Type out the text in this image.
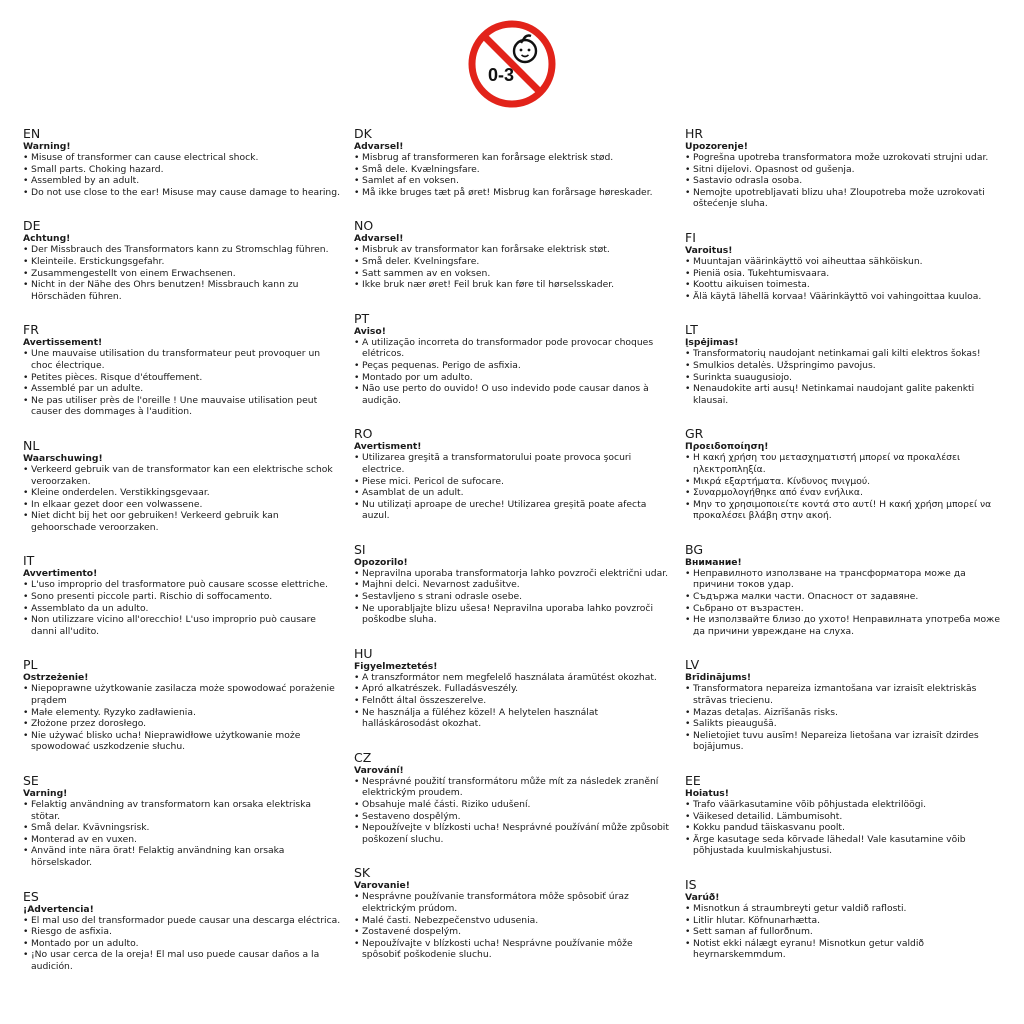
0-3
EN
Warning!
• Misuse of transformer can cause electrical shock.
• Small parts. Choking hazard.
• Assembled by an adult.
• Do not use close to the ear! Misuse may cause damage to hearing.
DE
Achtung!
• Der Missbrauch des Transformators kann zu Stromschlag führen.
• Kleinteile. Erstickungsgefahr.
• Zusammengestellt von einem Erwachsenen.
• Nicht in der Nähe des Ohrs benutzen! Missbrauch kann zu Hörschäden führen.
FR
Avertissement!
• Une mauvaise utilisation du transformateur peut provoquer un choc électrique.
• Petites pièces. Risque d'étouffement.
• Assemblé par un adulte.
• Ne pas utiliser près de l'oreille ! Une mauvaise utilisation peut causer des dommages à l'audition.
NL
Waarschuwing!
• Verkeerd gebruik van de transformator kan een elektrische schok veroorzaken.
• Kleine onderdelen. Verstikkingsgevaar.
• In elkaar gezet door een volwassene.
• Niet dicht bij het oor gebruiken! Verkeerd gebruik kan gehoorschade veroorzaken.
IT
Avvertimento!
• L'uso improprio del trasformatore può causare scosse elettriche.
• Sono presenti piccole parti. Rischio di soffocamento.
• Assemblato da un adulto.
• Non utilizzare vicino all'orecchio! L'uso improprio può causare danni all'udito.
PL
Ostrzeżenie!
• Niepoprawne użytkowanie zasilacza może spowodować porażenie prądem
• Małe elementy. Ryzyko zadławienia.
• Złożone przez dorosłego.
• Nie używać blisko ucha! Nieprawidłowe użytkowanie może spowodować uszkodzenie słuchu.
SE
Varning!
• Felaktig användning av transformatorn kan orsaka elektriska stötar.
• Små delar. Kvävningsrisk.
• Monterad av en vuxen.
• Använd inte nära örat! Felaktig användning kan orsaka hörselskador.
ES
¡Advertencia!
• El mal uso del transformador puede causar una descarga eléctrica.
• Riesgo de asfixia.
• Montado por un adulto.
• ¡No usar cerca de la oreja! El mal uso puede causar daños a la audición.
DK
Advarsel!
• Misbrug af transformeren kan forårsage elektrisk stød.
• Små dele. Kvælningsfare.
• Samlet af en voksen.
• Må ikke bruges tæt på øret! Misbrug kan forårsage høreskader.
NO
Advarsel!
• Misbruk av transformator kan forårsake elektrisk støt.
• Små deler. Kvelningsfare.
• Satt sammen av en voksen.
• Ikke bruk nær øret! Feil bruk kan føre til hørselsskader.
PT
Aviso!
• A utilização incorreta do transformador pode provocar choques elétricos.
• Peças pequenas. Perigo de asfixia.
• Montado por um adulto.
• Não use perto do ouvido! O uso indevido pode causar danos à audição.
RO
Avertisment!
• Utilizarea greşită a transformatorului poate provoca şocuri electrice.
• Piese mici. Pericol de sufocare.
• Asamblat de un adult.
• Nu utilizați aproape de ureche! Utilizarea greșită poate afecta auzul.
SI
Opozorilo!
• Nepravilna uporaba transformatorja lahko povzroči električni udar.
• Majhni delci. Nevarnost zadušitve.
• Sestavljeno s strani odrasle osebe.
• Ne uporabljajte blizu ušesa! Nepravilna uporaba lahko povzroči poškodbe sluha.
HU
Figyelmeztetés!
• A transzformátor nem megfelelő használata áramütést okozhat.
• Apró alkatrészek. Fulladásveszély.
• Felnőtt által összeszerelve.
• Ne használja a füléhez közel! A helytelen használat halláskárosodást okozhat.
CZ
Varování!
• Nesprávné použití transformátoru může mít za následek zranění elektrickým proudem.
• Obsahuje malé části. Riziko udušení.
• Sestaveno dospělým.
• Nepoužívejte v blízkosti ucha! Nesprávné používání může způsobit poškození sluchu.
SK
Varovanie!
• Nesprávne používanie transformátora môže spôsobiť úraz elektrickým prúdom.
• Malé časti. Nebezpečenstvo udusenia.
• Zostavené dospelým.
• Nepoužívajte v blízkosti ucha! Nesprávne používanie môže spôsobiť poškodenie sluchu.
HR
Upozorenje!
• Pogrešna upotreba transformatora može uzrokovati strujni udar.
• Sitni dijelovi. Opasnost od gušenja.
• Sastavio odrasla osoba.
• Nemojte upotrebljavati blizu uha! Zloupotreba može uzrokovati oštećenje sluha.
FI
Varoitus!
• Muuntajan väärinkäyttö voi aiheuttaa sähköiskun.
• Pieniä osia. Tukehtumisvaara.
• Koottu aikuisen toimesta.
• Älä käytä lähellä korvaa! Väärinkäyttö voi vahingoittaa kuuloa.
LT
Įspėjimas!
• Transformatorių naudojant netinkamai gali kilti elektros šokas!
• Smulkios detalės. Užspringimo pavojus.
• Surinkta suaugusiojo.
• Nenaudokite arti ausų! Netinkamai naudojant galite pakenkti klausai.
GR
Προειδοποίηση!
• Η κακή χρήση του μετασχηματιστή μπορεί να προκαλέσει ηλεκτροπληξία.
• Μικρά εξαρτήματα. Κίνδυνος πνιγμού.
• Συναρμολογήθηκε από έναν ενήλικα.
• Μην το χρησιμοποιείτε κοντά στο αυτί! Η κακή χρήση μπορεί να προκαλέσει βλάβη στην ακοή.
BG
Внимание!
• Неправилното използване на трансформатора може да причини токов удар.
• Съдържа малки части. Опасност от задавяне.
• Сьбрано от възрастен.
• Не използвайте близо до ухото! Неправилната употреба може да причини увреждане на слуха.
LV
Brīdinājums!
• Transformatora nepareiza izmantošana var izraisīt elektriskās strāvas triecienu.
• Mazas detaļas. Aizrīšanās risks.
• Salikts pieaugušā.
• Nelietojiet tuvu ausīm! Nepareiza lietošana var izraisīt dzirdes bojājumus.
EE
Hoiatus!
• Trafo väärkasutamine võib põhjustada elektrilöögi.
• Väikesed detailid. Lämbumisoht.
• Kokku pandud täiskasvanu poolt.
• Ärge kasutage seda kõrvade lähedal! Vale kasutamine võib põhjustada kuulmiskahjustusi.
IS
Varúð!
• Misnotkun á straumbreyti getur valdið raflosti.
• Litlir hlutar. Köfnunarhætta.
• Sett saman af fullorðnum.
• Notist ekki nálægt eyranu! Misnotkun getur valdið heyrnarskemmdum.
